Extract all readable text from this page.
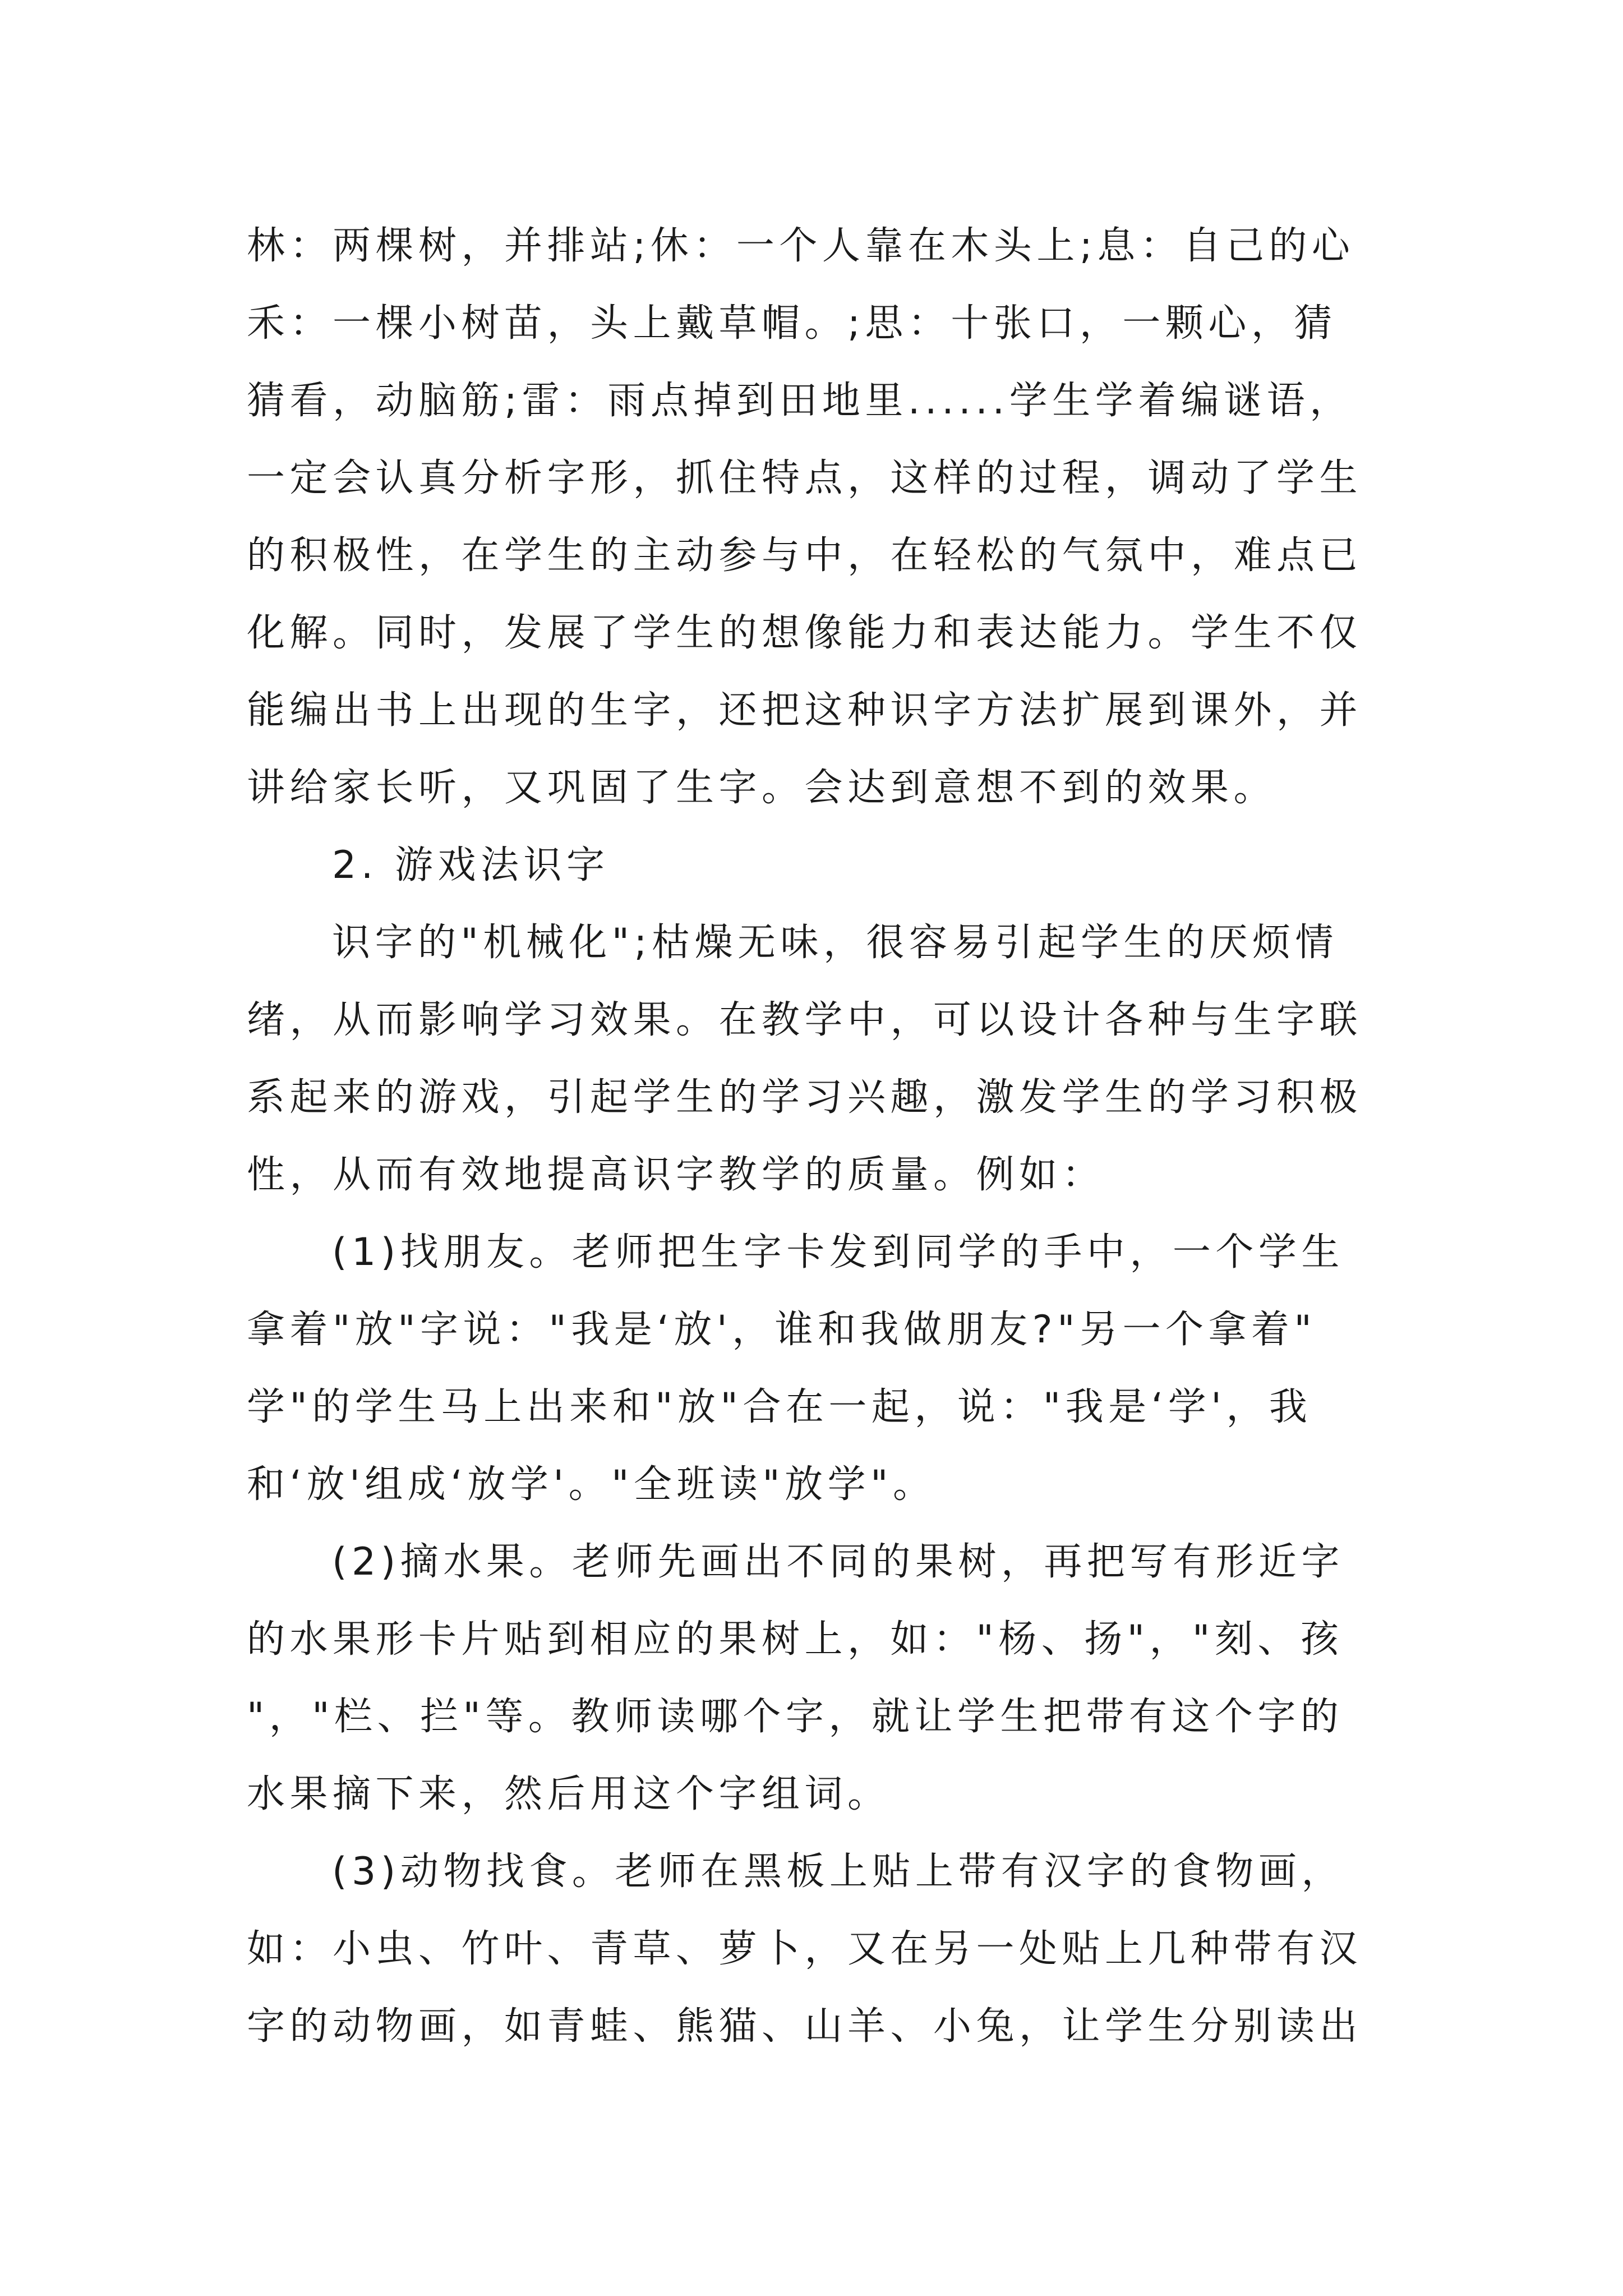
林：两棵树，并排站;休：一个人靠在木头上;息：自己的心
禾：一棵小树苗，头上戴草帽。;思：十张口，一颗心，猜
猜看，动脑筋;雷：雨点掉到田地里......学生学着编谜语，
一定会认真分析字形，抓住特点，这样的过程，调动了学生
的积极性，在学生的主动参与中，在轻松的气氛中，难点已
化解。同时，发展了学生的想像能力和表达能力。学生不仅
能编出书上出现的生字，还把这种识字方法扩展到课外，并
讲给家长听，又巩固了生字。会达到意想不到的效果。
2. 游戏法识字
识字的"机械化";枯燥无味，很容易引起学生的厌烦情
绪，从而影响学习效果。在教学中，可以设计各种与生字联
系起来的游戏，引起学生的学习兴趣，激发学生的学习积极
性，从而有效地提高识字教学的质量。例如：
(1)找朋友。老师把生字卡发到同学的手中，一个学生
拿着"放"字说："我是‘放'，谁和我做朋友?"另一个拿着"
学"的学生马上出来和"放"合在一起，说："我是‘学'，我
和‘放'组成‘放学'。"全班读"放学"。
(2)摘水果。老师先画出不同的果树，再把写有形近字
的水果形卡片贴到相应的果树上，如："杨、扬"，"刻、孩
"，"栏、拦"等。教师读哪个字，就让学生把带有这个字的
水果摘下来，然后用这个字组词。
(3)动物找食。老师在黑板上贴上带有汉字的食物画，
如：小虫、竹叶、青草、萝卜，又在另一处贴上几种带有汉
字的动物画，如青蛙、熊猫、山羊、小兔，让学生分别读出
